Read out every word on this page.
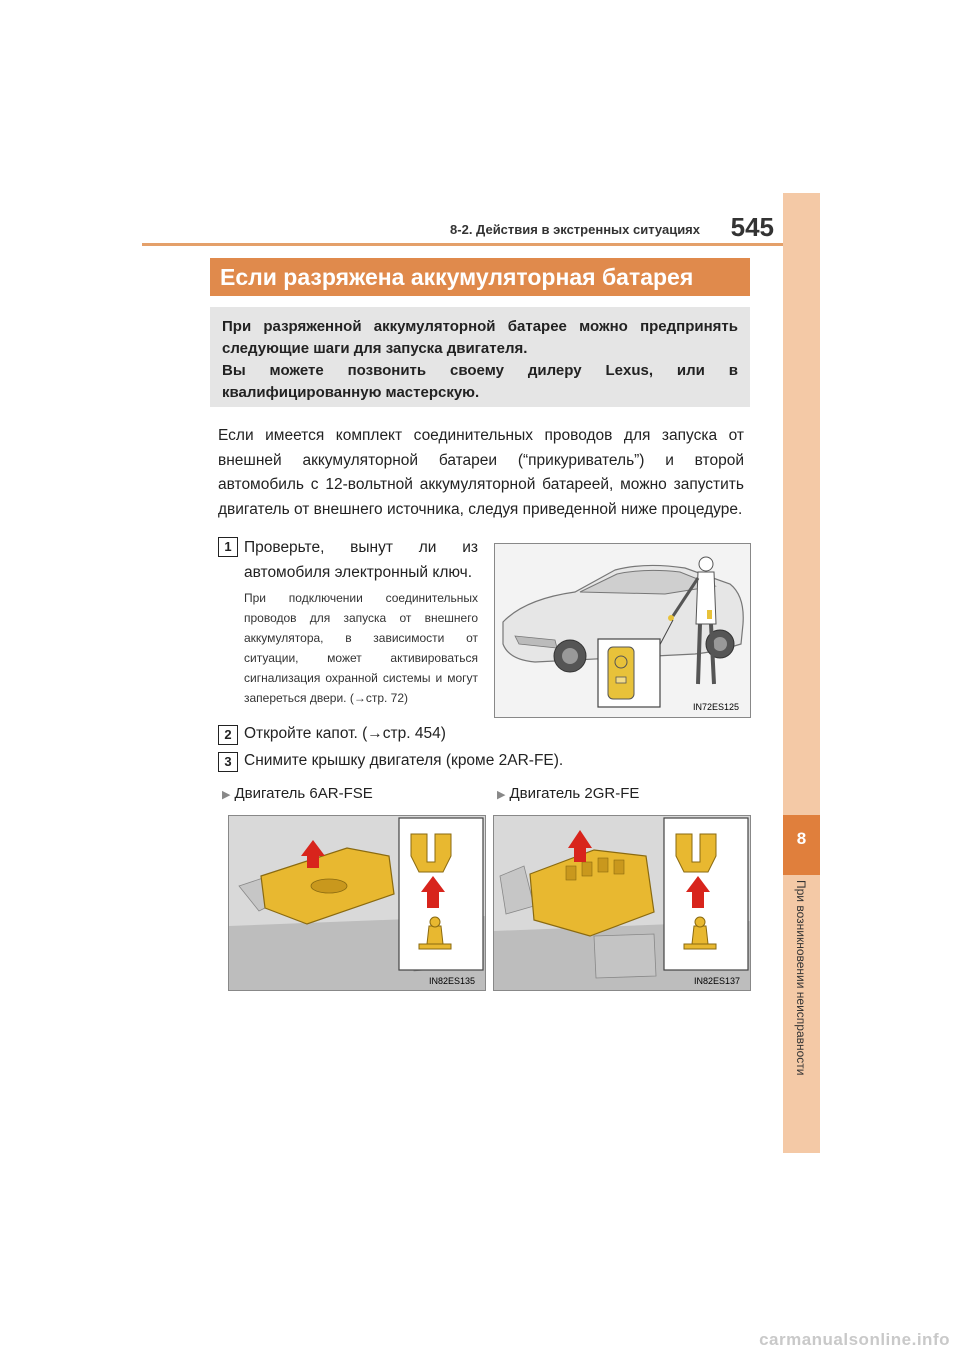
8-2. Действия в экстренных ситуациях	545
8
При возникновении неисправности
Если разряжена аккумуляторная батарея

При разряженной аккумуляторной батарее можно предпринять следующие шаги для запуска двигателя.

Вы можете позвонить своему дилеру Lexus, или в квалифицированную мастерскую.

Если имеется комплект соединительных проводов для запуска от внешней аккумуляторной батареи (“прикуриватель”) и второй автомобиль с 12-вольтной аккумуляторной батареей, можно запустить двигатель от внешнего источника, следуя приведенной ниже процедуре.
1 Проверьте, вынут ли из автомобиля электронный ключ.
При подключении соединительных проводов для запуска от внешнего аккумулятора, в зависимости от ситуации, может активироваться сигнализация охранной системы и могут запереться двери. (→стр. 72)
IN72ES125
2 Откройте капот. (→стр. 454)
3 Снимите крышку двигателя (кроме 2AR-FE).
▶ Двигатель 6AR-FSE	▶ Двигатель 2GR-FE
IN82ES135	IN82ES137
carmanualsonline.info
